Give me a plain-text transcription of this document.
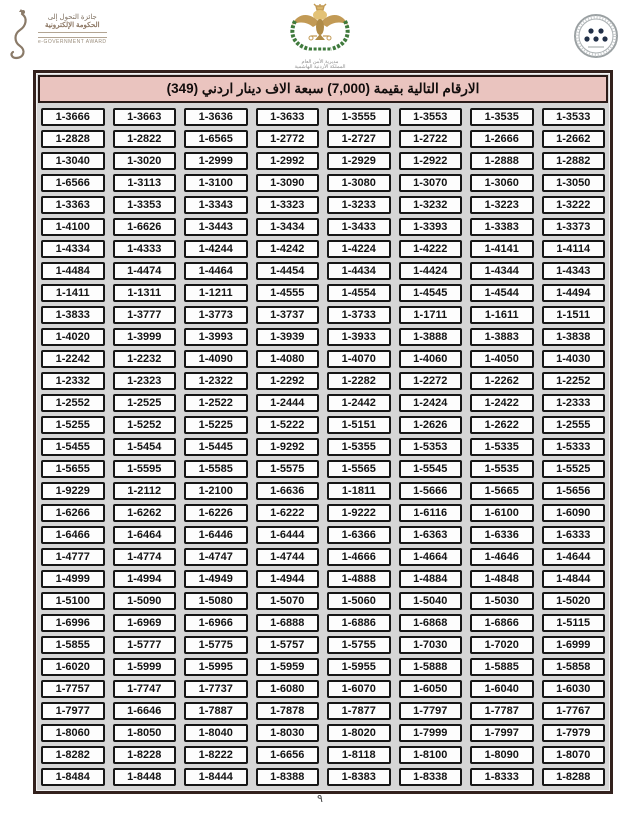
جائزة التحول إلى
الحكومة الإلكترونية
e-GOVERNMENT AWARD
مديرية الأمن العام
المملكة الأردنية الهاشمية
الارقام التالية بقيمة (7,000) سبعة الاف دينار اردني (349)
1-3666	1-3663	1-3636	1-3633	1-3555	1-3553	1-3535	1-3533
1-2828	1-2822	1-6565	1-2772	1-2727	1-2722	1-2666	1-2662
1-3040	1-3020	1-2999	1-2992	1-2929	1-2922	1-2888	1-2882
1-6566	1-3113	1-3100	1-3090	1-3080	1-3070	1-3060	1-3050
1-3363	1-3353	1-3343	1-3323	1-3233	1-3232	1-3223	1-3222
1-4100	1-6626	1-3443	1-3434	1-3433	1-3393	1-3383	1-3373
1-4334	1-4333	1-4244	1-4242	1-4224	1-4222	1-4141	1-4114
1-4484	1-4474	1-4464	1-4454	1-4434	1-4424	1-4344	1-4343
1-1411	1-1311	1-1211	1-4555	1-4554	1-4545	1-4544	1-4494
1-3833	1-3777	1-3773	1-3737	1-3733	1-1711	1-1611	1-1511
1-4020	1-3999	1-3993	1-3939	1-3933	1-3888	1-3883	1-3838
1-2242	1-2232	1-4090	1-4080	1-4070	1-4060	1-4050	1-4030
1-2332	1-2323	1-2322	1-2292	1-2282	1-2272	1-2262	1-2252
1-2552	1-2525	1-2522	1-2444	1-2442	1-2424	1-2422	1-2333
1-5255	1-5252	1-5225	1-5222	1-5151	1-2626	1-2622	1-2555
1-5455	1-5454	1-5445	1-9292	1-5355	1-5353	1-5335	1-5333
1-5655	1-5595	1-5585	1-5575	1-5565	1-5545	1-5535	1-5525
1-9229	1-2112	1-2100	1-6636	1-1811	1-5666	1-5665	1-5656
1-6266	1-6262	1-6226	1-6222	1-9222	1-6116	1-6100	1-6090
1-6466	1-6464	1-6446	1-6444	1-6366	1-6363	1-6336	1-6333
1-4777	1-4774	1-4747	1-4744	1-4666	1-4664	1-4646	1-4644
1-4999	1-4994	1-4949	1-4944	1-4888	1-4884	1-4848	1-4844
1-5100	1-5090	1-5080	1-5070	1-5060	1-5040	1-5030	1-5020
1-6996	1-6969	1-6966	1-6888	1-6886	1-6868	1-6866	1-5115
1-5855	1-5777	1-5775	1-5757	1-5755	1-7030	1-7020	1-6999
1-6020	1-5999	1-5995	1-5959	1-5955	1-5888	1-5885	1-5858
1-7757	1-7747	1-7737	1-6080	1-6070	1-6050	1-6040	1-6030
1-7977	1-6646	1-7887	1-7878	1-7877	1-7797	1-7787	1-7767
1-8060	1-8050	1-8040	1-8030	1-8020	1-7999	1-7997	1-7979
1-8282	1-8228	1-8222	1-6656	1-8118	1-8100	1-8090	1-8070
1-8484	1-8448	1-8444	1-8388	1-8383	1-8338	1-8333	1-8288
٩
